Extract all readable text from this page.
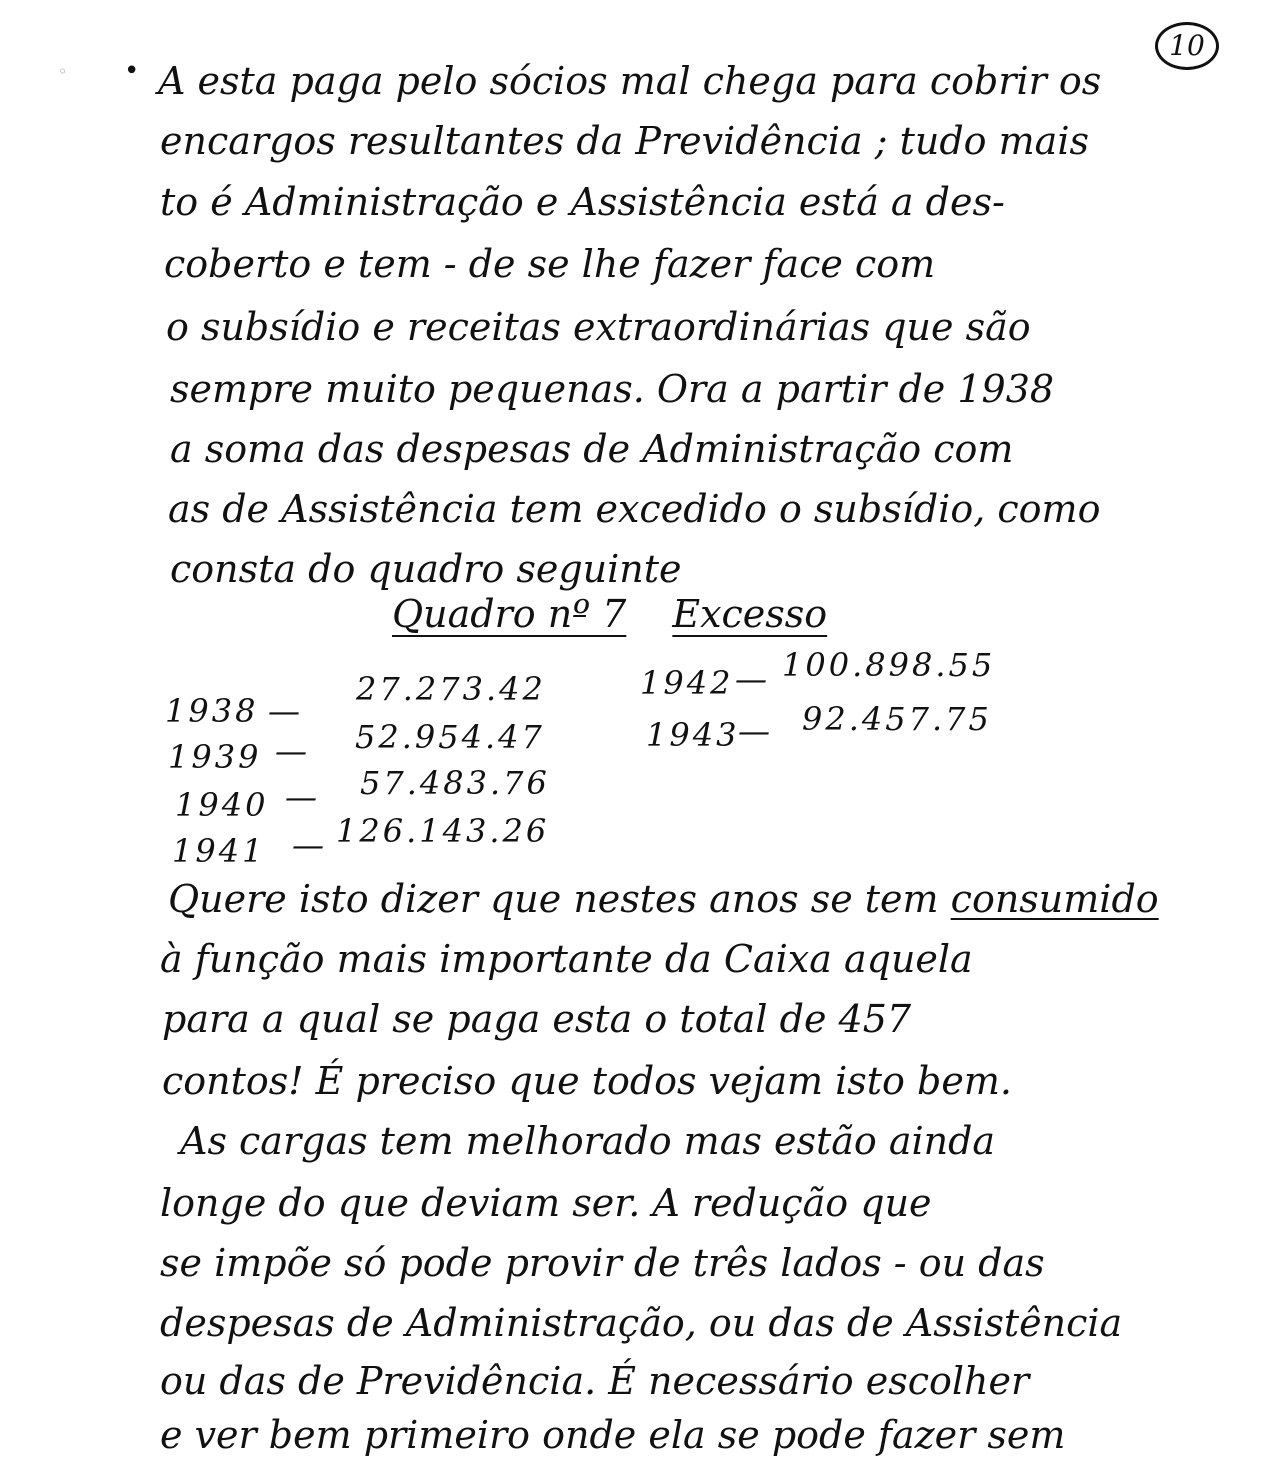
◦
10
• A esta paga pelo sócios mal chega para cobrir os
encargos resultantes da Previdência ; tudo mais
to é Administração e Assistência está a des-
coberto e tem - de se lhe fazer face com
o subsídio e receitas extraordinárias que são
sempre muito pequenas. Ora a partir de 1938
a soma das despesas de Administração com
as de Assistência tem excedido o subsídio, como
consta do quadro seguinte
Quadro nº 7 Excesso
1938 —
27.273.42
1939 — 52.954.47
1940 — 57.483.76
1941 — 126.143.26
1942 — 100.898.55
1943
— 92.457.75
Quere isto dizer que nestes anos se tem consumido
à função mais importante da Caixa aquela
para a qual se paga esta o total de 457
contos! É preciso que todos vejam isto bem.
As cargas tem melhorado mas estão ainda
longe do que deviam ser. A redução que
se impõe só pode provir de três lados - ou das
despesas de Administração, ou das de Assistência
ou das de Previdência. É necessário escolher
e ver bem primeiro onde ela se pode fazer sem
